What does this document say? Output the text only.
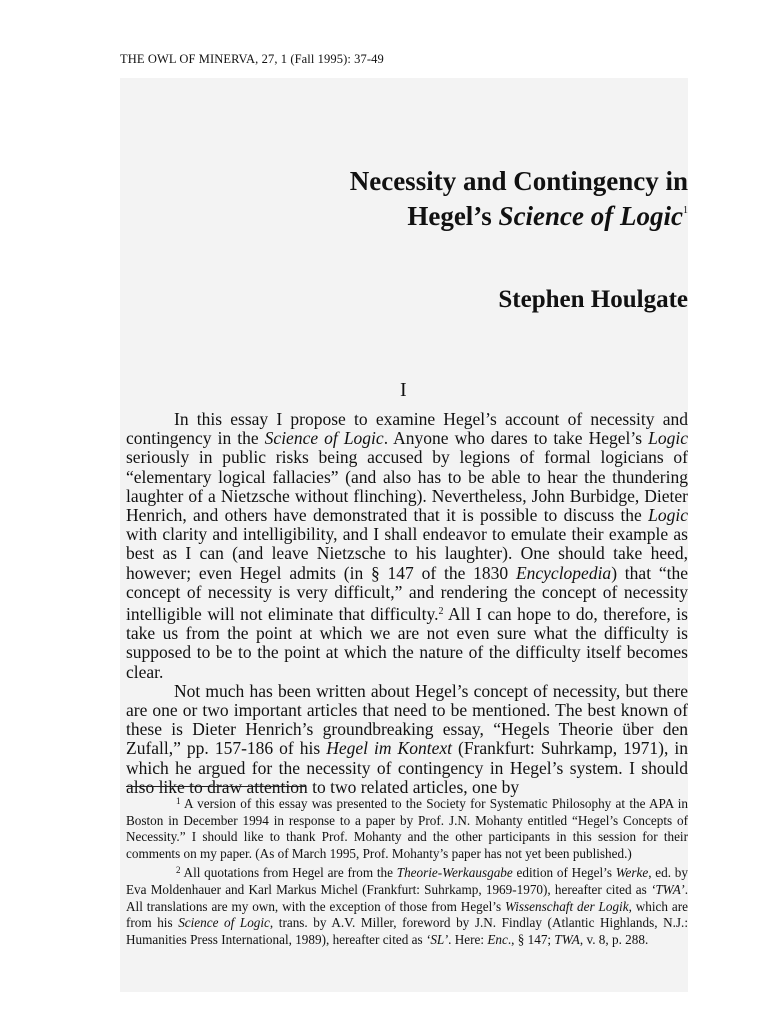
THE OWL OF MINERVA, 27, 1 (Fall 1995): 37-49
Necessity and Contingency in
Hegel’s Science of Logic$^1$
Stephen Houlgate
I

In this essay I propose to examine Hegel’s account of necessity and contingency in the Science of Logic. Anyone who dares to take Hegel’s Logic seriously in public risks being accused by legions of formal logicians of “elementary logical fallacies” (and also has to be able to hear the thundering laughter of a Nietzsche without flinching). Nevertheless, John Burbidge, Dieter Henrich, and others have demonstrated that it is possible to discuss the Logic with clarity and intelligibility, and I shall endeavor to emulate their example as best as I can (and leave Nietzsche to his laughter). One should take heed, however; even Hegel admits (in § 147 of the 1830 Encyclopedia) that “the concept of necessity is very difficult,” and rendering the concept of necessity intelligible will not eliminate that difficulty.$^2$ All I can hope to do, therefore, is take us from the point at which we are not even sure what the difficulty is supposed to be to the point at which the nature of the difficulty itself becomes clear.

Not much has been written about Hegel’s concept of necessity, but there are one or two important articles that need to be mentioned. The best known of these is Dieter Henrich’s groundbreaking essay, “Hegels Theorie über den Zufall,” pp. 157-186 of his Hegel im Kontext (Frankfurt: Suhrkamp, 1971), in which he argued for the necessity of contingency in Hegel’s system. I should also like to draw attention to two related articles, one by

$^1$ A version of this essay was presented to the Society for Systematic Philosophy at the APA in Boston in December 1994 in response to a paper by Prof. J.N. Mohanty entitled “Hegel’s Concepts of Necessity.” I should like to thank Prof. Mohanty and the other participants in this session for their comments on my paper. (As of March 1995, Prof. Mohanty’s paper has not yet been published.)

$^2$ All quotations from Hegel are from the Theorie-Werkausgabe edition of Hegel’s Werke, ed. by Eva Moldenhauer and Karl Markus Michel (Frankfurt: Suhrkamp, 1969-1970), hereafter cited as ‘TWA’. All translations are my own, with the exception of those from Hegel’s Wissenschaft der Logik, which are from his Science of Logic, trans. by A.V. Miller, foreword by J.N. Findlay (Atlantic Highlands, N.J.: Humanities Press International, 1989), hereafter cited as ‘SL’. Here: Enc., § 147; TWA, v. 8, p. 288.
